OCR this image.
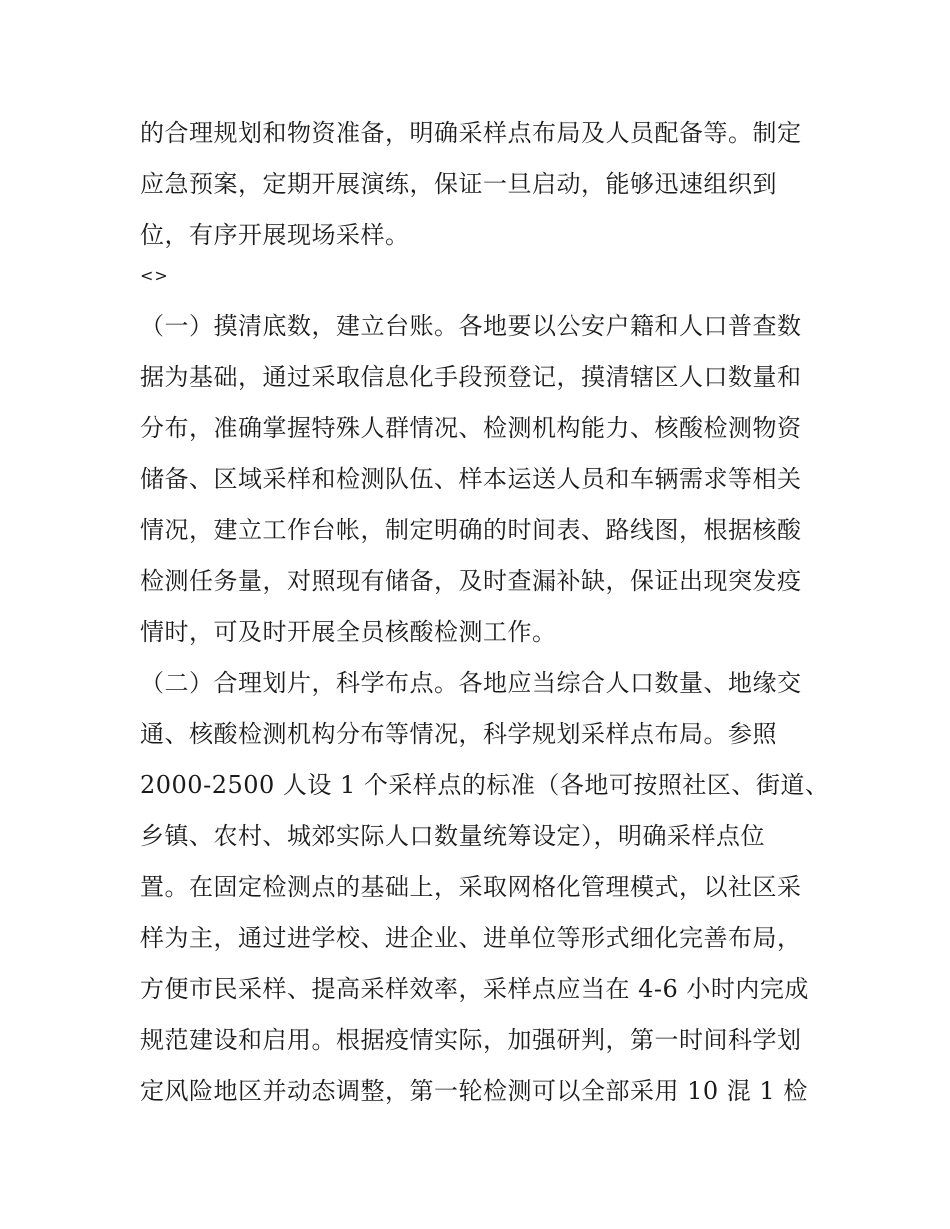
的合理规划和物资准备，明确采样点布局及人员配备等。制定
应急预案，定期开展演练，保证一旦启动，能够迅速组织到
位，有序开展现场采样。
<>
（一）摸清底数，建立台账。各地要以公安户籍和人口普查数
据为基础，通过采取信息化手段预登记，摸清辖区人口数量和
分布，准确掌握特殊人群情况、检测机构能力、核酸检测物资
储备、区域采样和检测队伍、样本运送人员和车辆需求等相关
情况，建立工作台帐，制定明确的时间表、路线图，根据核酸
检测任务量，对照现有储备，及时查漏补缺，保证出现突发疫
情时，可及时开展全员核酸检测工作。
（二）合理划片，科学布点。各地应当综合人口数量、地缘交
通、核酸检测机构分布等情况，科学规划采样点布局。参照
2000-2500 人设 1 个采样点的标准（各地可按照社区、街道、
乡镇、农村、城郊实际人口数量统筹设定），明确采样点位
置。在固定检测点的基础上，采取网格化管理模式，以社区采
样为主，通过进学校、进企业、进单位等形式细化完善布局，
方便市民采样、提高采样效率，采样点应当在 4-6 小时内完成
规范建设和启用。根据疫情实际，加强研判，第一时间科学划
定风险地区并动态调整，第一轮检测可以全部采用 10 混 1 检
